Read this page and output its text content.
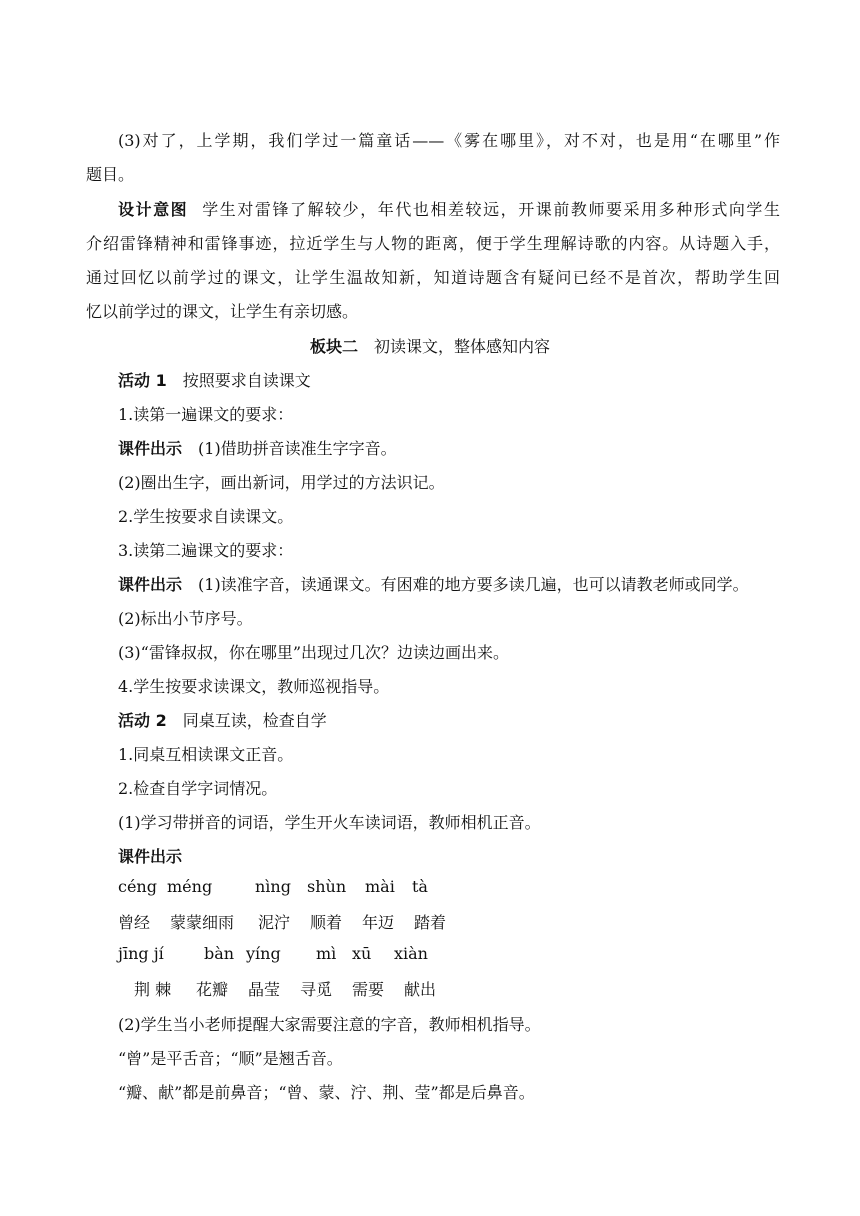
(3)对了，上学期，我们学过一篇童话——《雾在哪里》，对不对，也是用“在哪里”作
题目。
设计意图 学生对雷锋了解较少，年代也相差较远，开课前教师要采用多种形式向学生
介绍雷锋精神和雷锋事迹，拉近学生与人物的距离，便于学生理解诗歌的内容。从诗题入手，
通过回忆以前学过的课文，让学生温故知新，知道诗题含有疑问已经不是首次，帮助学生回
忆以前学过的课文，让学生有亲切感。
板块二 初读课文，整体感知内容
活动 1 按照要求自读课文
1.读第一遍课文的要求：
课件出示 (1)借助拼音读准生字字音。
(2)圈出生字，画出新词，用学过的方法识记。
2.学生按要求自读课文。
3.读第二遍课文的要求：
课件出示 (1)读准字音，读通课文。有困难的地方要多读几遍，也可以请教老师或同学。
(2)标出小节序号。
(3)“雷锋叔叔，你在哪里”出现过几次？边读边画出来。
4.学生按要求读课文，教师巡视指导。
活动 2 同桌互读，检查自学
1.同桌互相读课文正音。
2.检查自学字词情况。
(1)学习带拼音的词语，学生开火车读词语，教师相机正音。
课件出示
céng méng	nìng shùn mài tà
曾经 蒙蒙细雨 泥泞 顺着 年迈 踏着
jīng jí	bàn yíng mì xū xiàn
荆 棘 花瓣 晶莹 寻觅 需要 献出
(2)学生当小老师提醒大家需要注意的字音，教师相机指导。
“曾”是平舌音；“顺”是翘舌音。
“瓣、献”都是前鼻音；“曾、蒙、泞、荆、莹”都是后鼻音。
